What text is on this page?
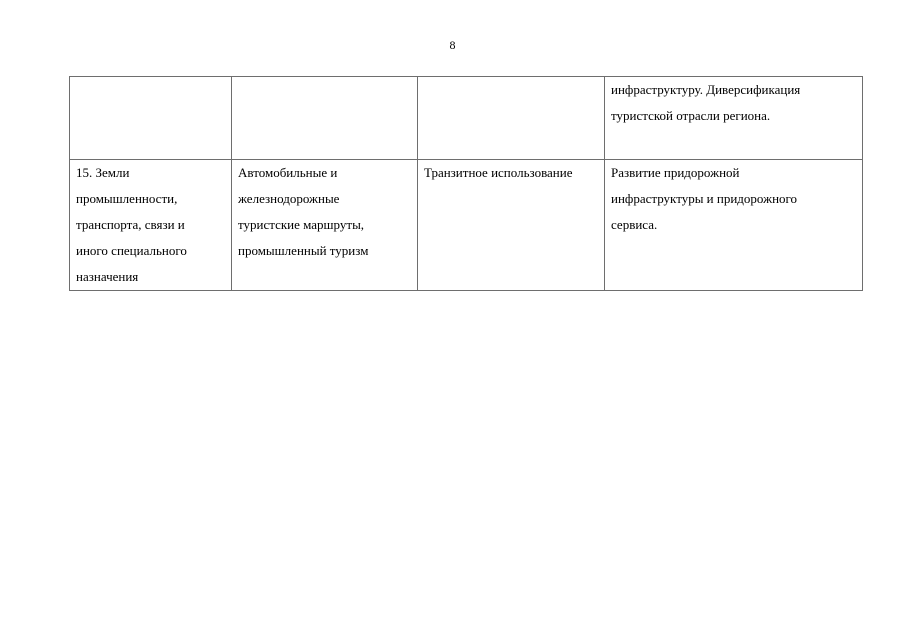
8
			инфраструктуру. Диверсификация
туристской отрасли региона.
15. Земли
промышленности,
транспорта, связи и
иного специального
назначения	Автомобильные и
железнодорожные
туристские маршруты,
промышленный туризм	Транзитное использование	Развитие придорожной
инфраструктуры и придорожного
сервиса.
